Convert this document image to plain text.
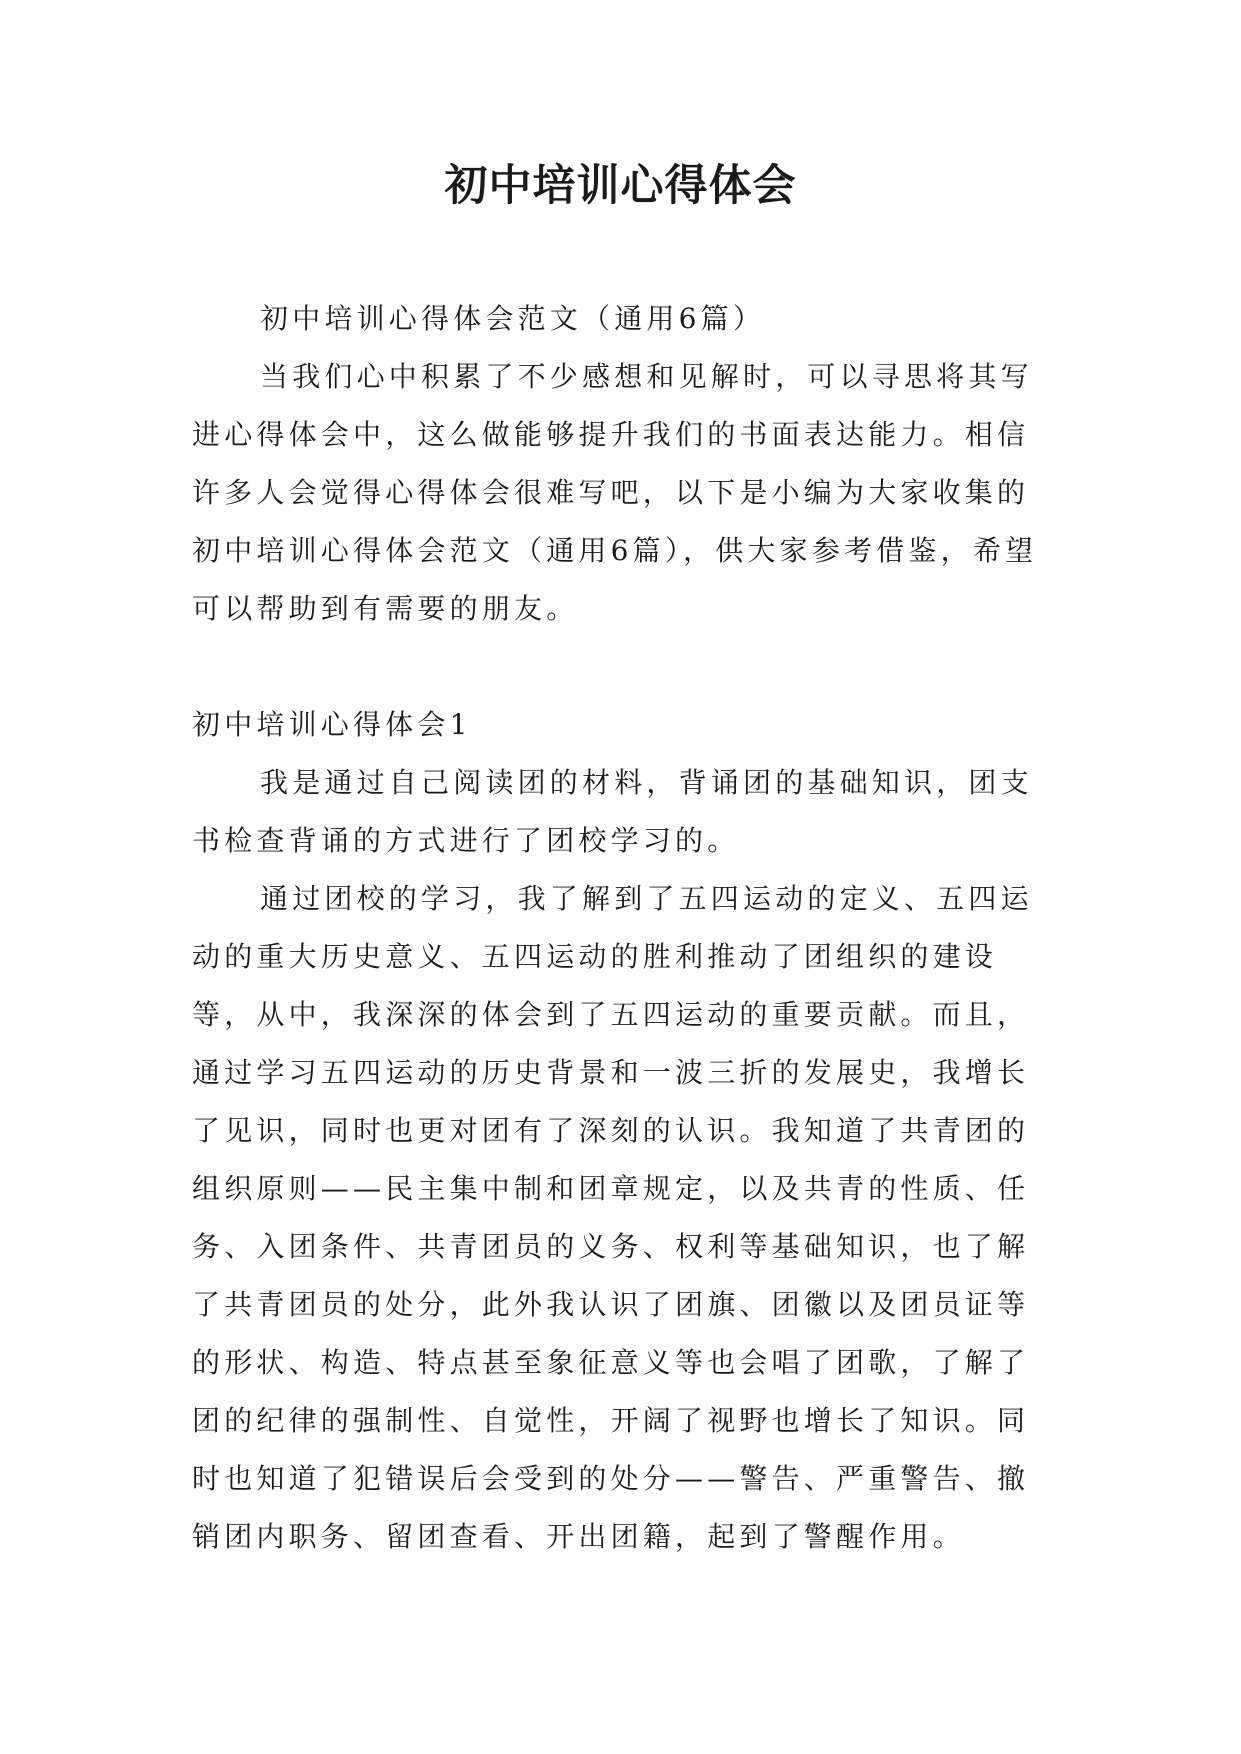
初中培训心得体会

初中培训心得体会范文（通用6篇）

当我们心中积累了不少感想和见解时，可以寻思将其写进心得体会中，这么做能够提升我们的书面表达能力。相信许多人会觉得心得体会很难写吧，以下是小编为大家收集的初中培训心得体会范文（通用6篇），供大家参考借鉴，希望可以帮助到有需要的朋友。

初中培训心得体会1

我是通过自己阅读团的材料，背诵团的基础知识，团支书检查背诵的方式进行了团校学习的。

通过团校的学习，我了解到了五四运动的定义、五四运动的重大历史意义、五四运动的胜利推动了团组织的建设等，从中，我深深的体会到了五四运动的重要贡献。而且，通过学习五四运动的历史背景和一波三折的发展史，我增长了见识，同时也更对团有了深刻的认识。我知道了共青团的组织原则——民主集中制和团章规定，以及共青的性质、任务、入团条件、共青团员的义务、权利等基础知识，也了解了共青团员的处分，此外我认识了团旗、团徽以及团员证等的形状、构造、特点甚至象征意义等也会唱了团歌，了解了团的纪律的强制性、自觉性，开阔了视野也增长了知识。同时也知道了犯错误后会受到的处分——警告、严重警告、撤销团内职务、留团查看、开出团籍，起到了警醒作用。
